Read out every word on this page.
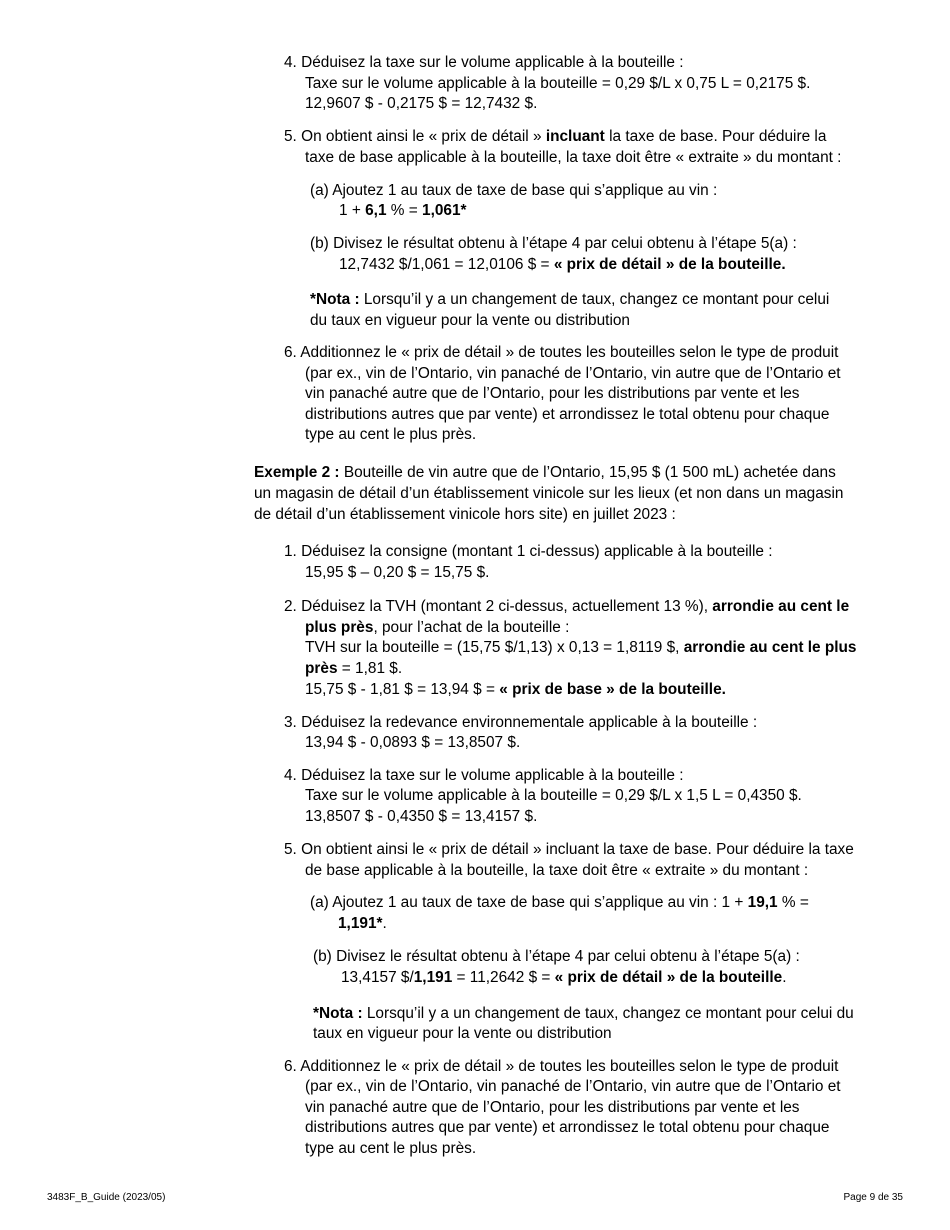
4. Déduisez la taxe sur le volume applicable à la bouteille :

Taxe sur le volume applicable à la bouteille = 0,29 $/L x 0,75 L = 0,2175 $.

12,9607 $ - 0,2175 $ = 12,7432 $.

5. On obtient ainsi le « prix de détail » incluant la taxe de base. Pour déduire la

taxe de base applicable à la bouteille, la taxe doit être « extraite » du montant :

(a) Ajoutez 1 au taux de taxe de base qui s’applique au vin :

1 + 6,1 % = 1,061*

(b) Divisez le résultat obtenu à l’étape 4 par celui obtenu à l’étape 5(a) :

12,7432 $/1,061 = 12,0106 $ = « prix de détail » de la bouteille.

*Nota : Lorsqu’il y a un changement de taux, changez ce montant pour celui

du taux en vigueur pour la vente ou distribution

6. Additionnez le « prix de détail » de toutes les bouteilles selon le type de produit

(par ex., vin de l’Ontario, vin panaché de l’Ontario, vin autre que de l’Ontario et

vin panaché autre que de l’Ontario, pour les distributions par vente et les

distributions autres que par vente) et arrondissez le total obtenu pour chaque

type au cent le plus près.

Exemple 2 : Bouteille de vin autre que de l’Ontario, 15,95 $ (1 500 mL) achetée dans

un magasin de détail d’un établissement vinicole sur les lieux (et non dans un magasin

de détail d’un établissement vinicole hors site) en juillet 2023 :

1. Déduisez la consigne (montant 1 ci-dessus) applicable à la bouteille :

15,95 $ – 0,20 $ = 15,75 $.

2. Déduisez la TVH (montant 2 ci-dessus, actuellement 13 %), arrondie au cent le

plus près, pour l’achat de la bouteille :

TVH sur la bouteille = (15,75 $/1,13) x 0,13 = 1,8119 $, arrondie au cent le plus

près = 1,81 $.

15,75 $ - 1,81 $ = 13,94 $ = « prix de base » de la bouteille.

3. Déduisez la redevance environnementale applicable à la bouteille :

13,94 $ - 0,0893 $ = 13,8507 $.

4. Déduisez la taxe sur le volume applicable à la bouteille :

Taxe sur le volume applicable à la bouteille = 0,29 $/L x 1,5 L = 0,4350 $.

13,8507 $ - 0,4350 $ = 13,4157 $.

5. On obtient ainsi le « prix de détail » incluant la taxe de base. Pour déduire la taxe

de base applicable à la bouteille, la taxe doit être « extraite » du montant :

(a) Ajoutez 1 au taux de taxe de base qui s’applique au vin : 1 + 19,1 % =

1,191*.

(b) Divisez le résultat obtenu à l’étape 4 par celui obtenu à l’étape 5(a) :

13,4157 $/1,191 = 11,2642 $ = « prix de détail » de la bouteille.

*Nota : Lorsqu’il y a un changement de taux, changez ce montant pour celui du

taux en vigueur pour la vente ou distribution

6. Additionnez le « prix de détail » de toutes les bouteilles selon le type de produit

(par ex., vin de l’Ontario, vin panaché de l’Ontario, vin autre que de l’Ontario et

vin panaché autre que de l’Ontario, pour les distributions par vente et les

distributions autres que par vente) et arrondissez le total obtenu pour chaque

type au cent le plus près.

3483F_B_Guide (2023/05)	Page 9 de 35
